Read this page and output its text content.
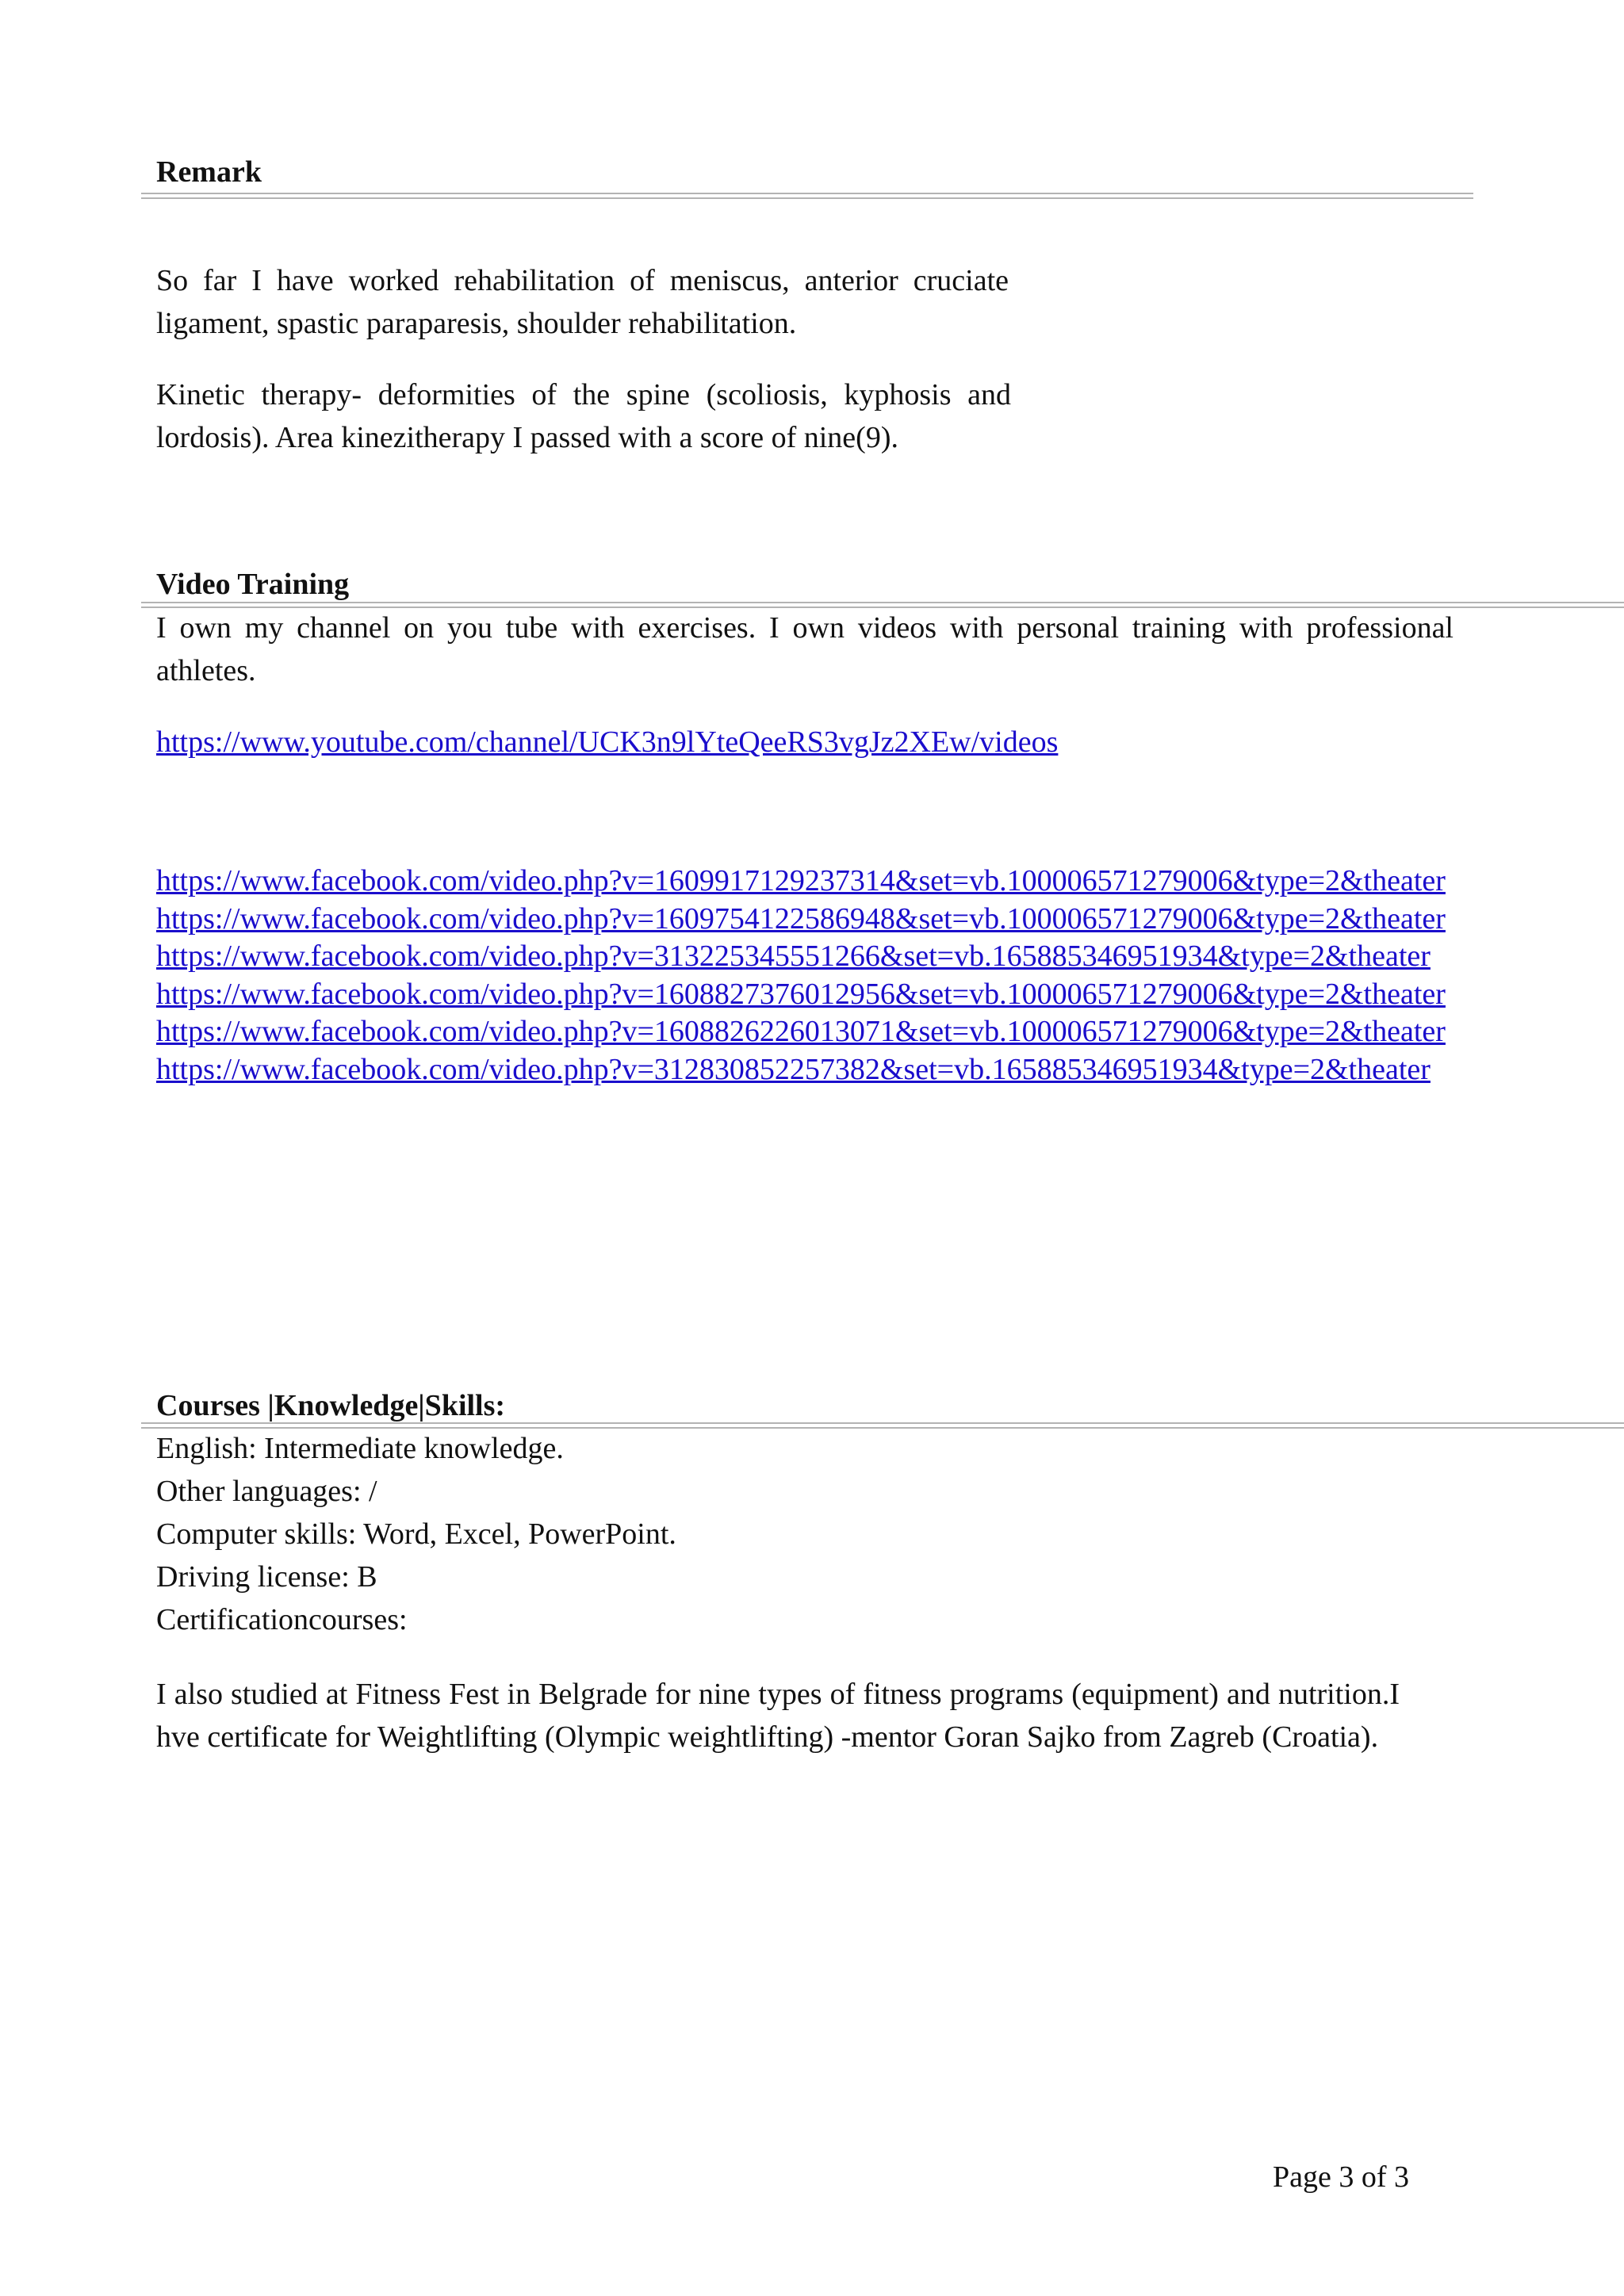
Remark

So far I have worked rehabilitation of meniscus, anterior cruciate ligament, spastic paraparesis, shoulder rehabilitation.

Kinetic therapy- deformities of the spine (scoliosis, kyphosis and lordosis). Area kinezitherapy I passed with a score of nine(9).

Video Training

I own my channel on you tube with exercises. I own videos with personal training with professional athletes.

https://www.youtube.com/channel/UCK3n9lYteQeeRS3vgJz2XEw/videos
https://www.facebook.com/video.php?v=1609917129237314&set=vb.100006571279006&type=2&theater
https://www.facebook.com/video.php?v=1609754122586948&set=vb.100006571279006&type=2&theater
https://www.facebook.com/video.php?v=313225345551266&set=vb.165885346951934&type=2&theater
https://www.facebook.com/video.php?v=1608827376012956&set=vb.100006571279006&type=2&theater
https://www.facebook.com/video.php?v=1608826226013071&set=vb.100006571279006&type=2&theater
https://www.facebook.com/video.php?v=312830852257382&set=vb.165885346951934&type=2&theater
Courses |Knowledge|Skills:
English: Intermediate knowledge.
Other languages: /
Computer skills: Word, Excel, PowerPoint.
Driving license: B
Certificationcourses:

I also studied at Fitness Fest in Belgrade for nine types of fitness programs (equipment) and nutrition.I hve certificate for Weightlifting (Olympic weightlifting) -mentor Goran Sajko from Zagreb (Croatia).

Page 3 of 3
